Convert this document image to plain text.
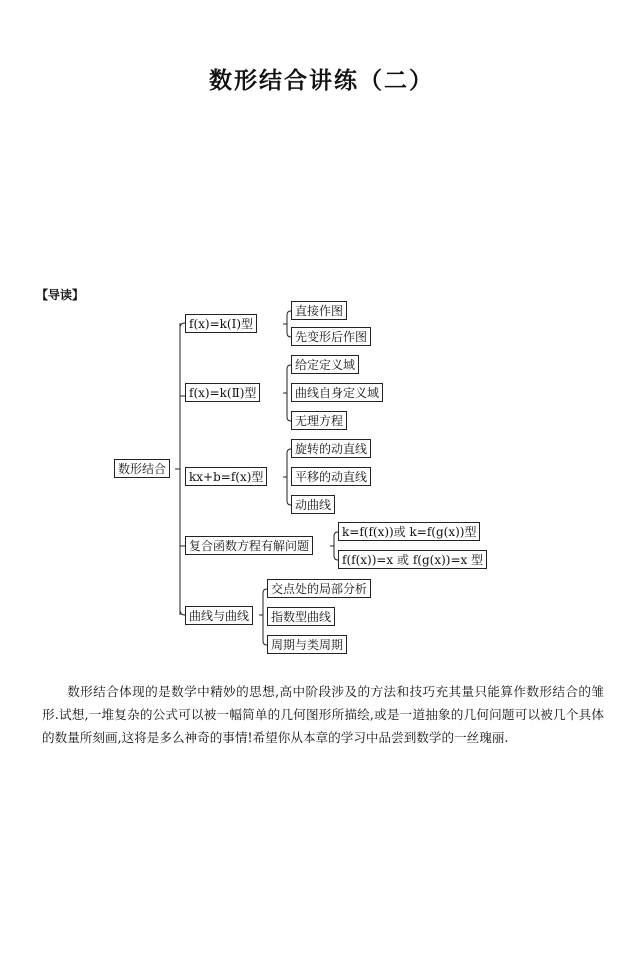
数形结合讲练（二）
【导读】
数形结合
f(x)=k(Ⅰ)型
直接作图
先变形后作图
f(x)=k(Ⅱ)型
给定定义域
曲线自身定义域
无理方程
kx+b=f(x)型
旋转的动直线
平移的动直线
动曲线
复合函数方程有解问题
k=f(f(x))或 k=f(g(x))型
f(f(x))=x 或 f(g(x))=x 型
曲线与曲线
交点处的局部分析
指数型曲线
周期与类周期
数形结合体现的是数学中精妙的思想,高中阶段涉及的方法和技巧充其量只能算作数形结合的雏形.试想,一堆复杂的公式可以被一幅简单的几何图形所描绘,或是一道抽象的几何问题可以被几个具体的数量所刻画,这将是多么神奇的事情!希望你从本章的学习中品尝到数学的一丝瑰丽.
